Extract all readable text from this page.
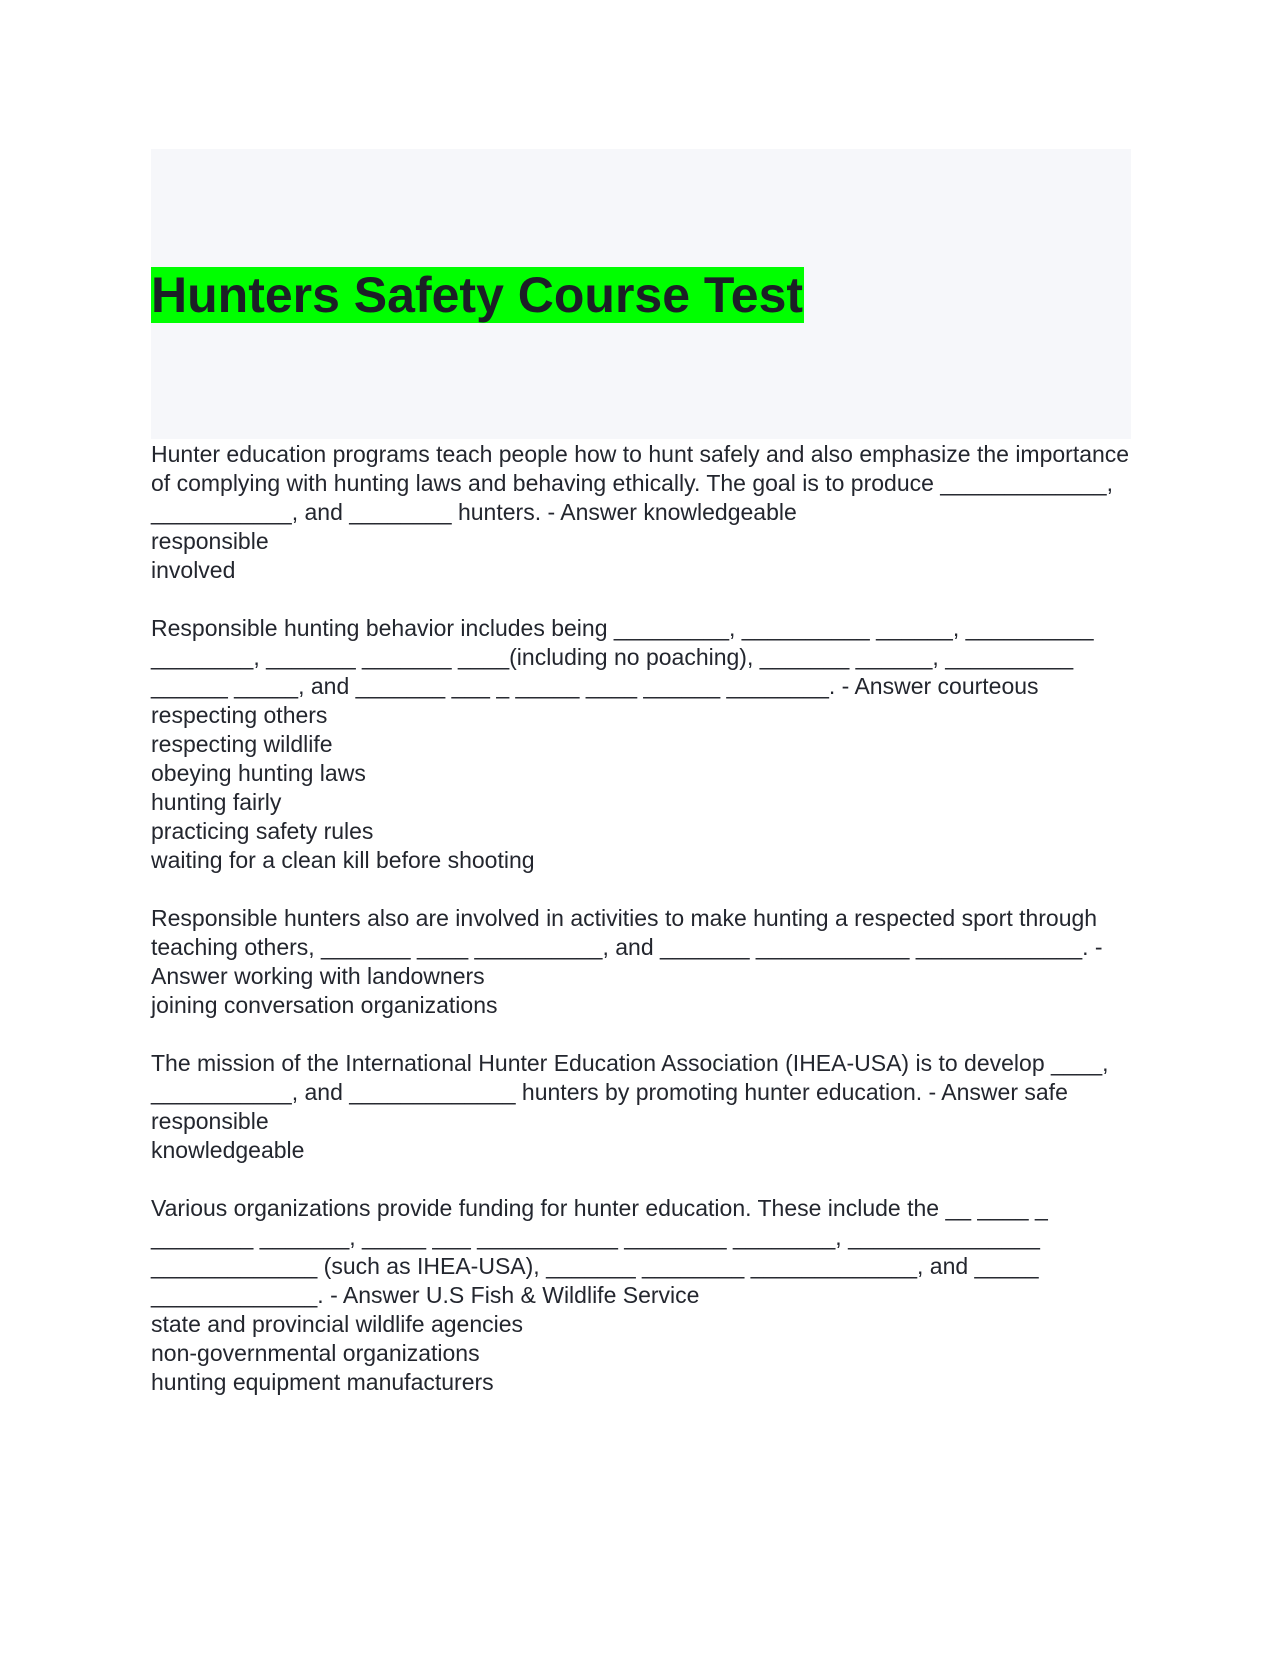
Hunters Safety Course Test

Hunter education programs teach people how to hunt safely and also emphasize the importance of complying with hunting laws and behaving ethically. The goal is to produce _____________, ___________, and ________ hunters. - Answer knowledgeable

responsible

involved

Responsible hunting behavior includes being _________, __________ ______, __________ ________, _______ _______ ____(including no poaching), _______ ______, __________ ______ _____, and _______ ___ _ _____ ____ ______ ________. - Answer courteous

respecting others

respecting wildlife

obeying hunting laws

hunting fairly

practicing safety rules

waiting for a clean kill before shooting

Responsible hunters also are involved in activities to make hunting a respected sport through teaching others, _______ ____ __________, and _______ ____________ _____________. - Answer working with landowners

joining conversation organizations

The mission of the International Hunter Education Association (IHEA-USA) is to develop ____, ___________, and _____________ hunters by promoting hunter education. - Answer safe

responsible

knowledgeable

Various organizations provide funding for hunter education. These include the __ ____ _ ________ _______, _____ ___ ___________ ________ ________, _______________ _____________ (such as IHEA-USA), _______ ________ _____________, and _____ _____________. - Answer U.S Fish & Wildlife Service

state and provincial wildlife agencies

non-governmental organizations

hunting equipment manufacturers
